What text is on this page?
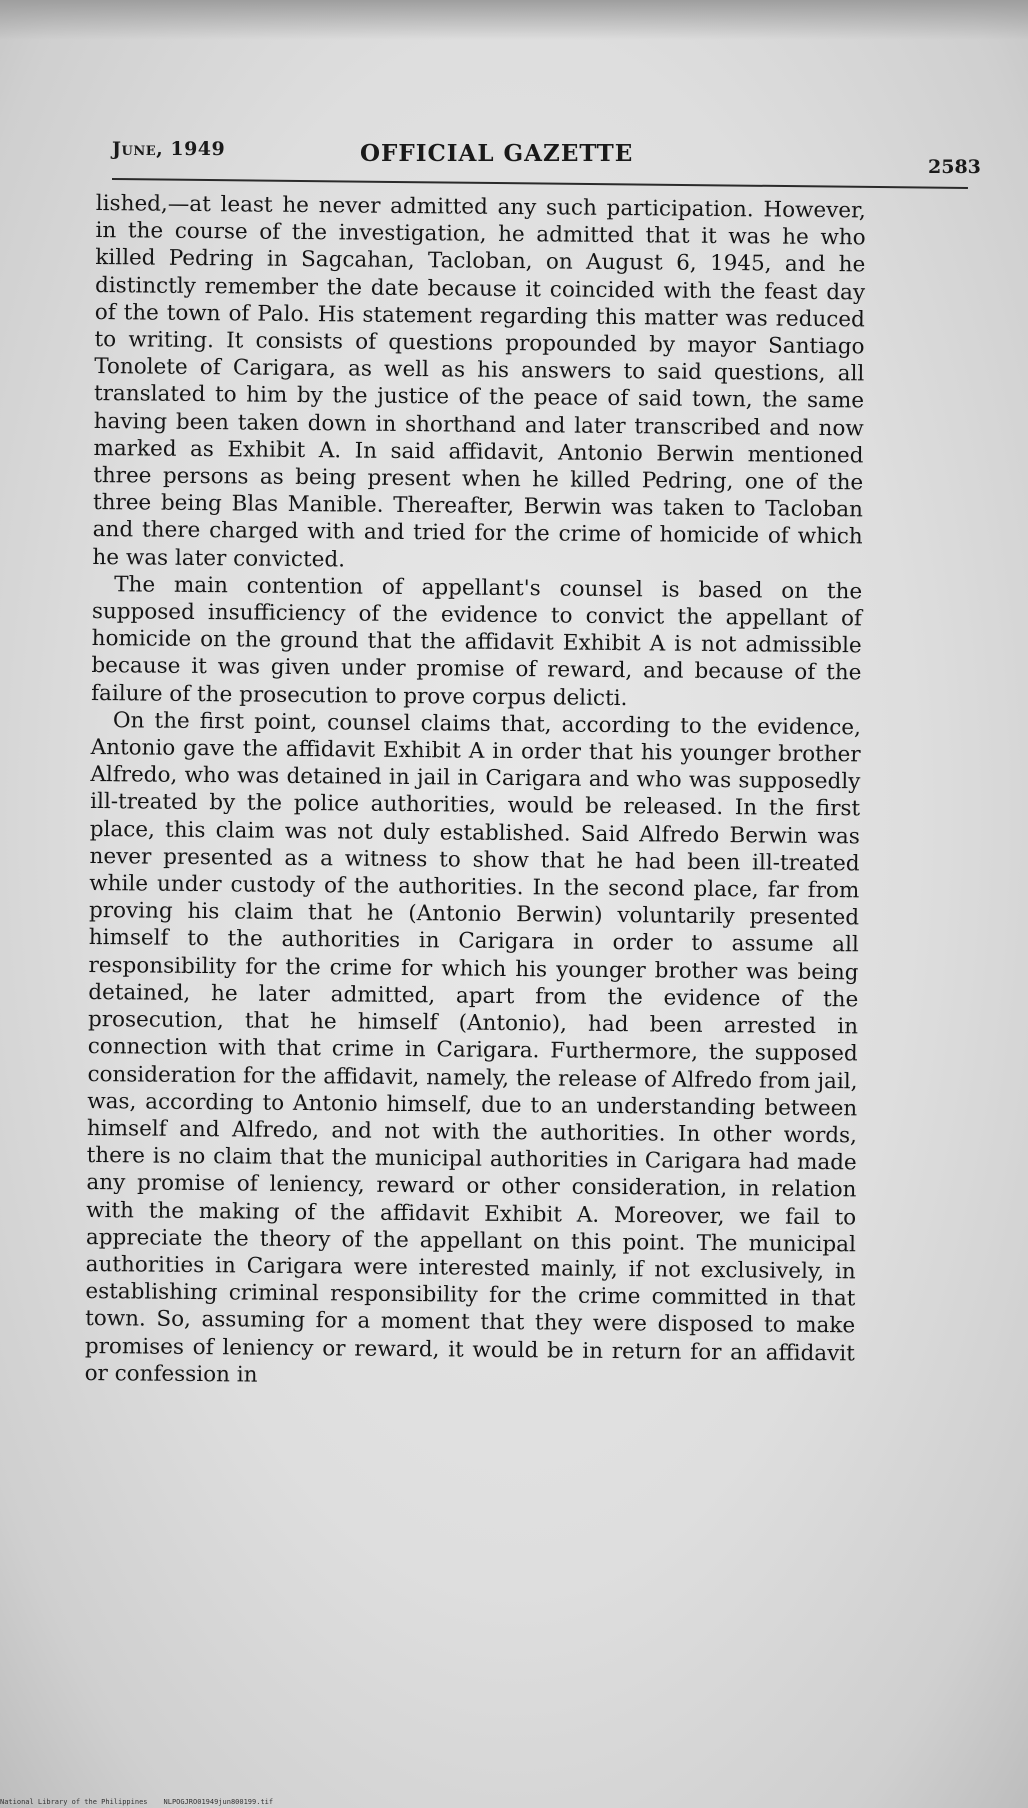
June, 1949	OFFICIAL GAZETTE	2583

lished,—at least he never admitted any such participation. However, in the course of the investigation, he admitted that it was he who killed Pedring in Sagcahan, Tacloban, on August 6, 1945, and he distinctly remember the date because it coincided with the feast day of the town of Palo. His statement regarding this matter was reduced to writing. It consists of questions propounded by mayor Santiago Tonolete of Carigara, as well as his answers to said questions, all translated to him by the justice of the peace of said town, the same having been taken down in shorthand and later transcribed and now marked as Exhibit A. In said affidavit, Antonio Berwin mentioned three persons as being present when he killed Pedring, one of the three being Blas Manible. Thereafter, Berwin was taken to Tacloban and there charged with and tried for the crime of homicide of which he was later convicted.

The main contention of appellant's counsel is based on the supposed insufficiency of the evidence to convict the appellant of homicide on the ground that the affidavit Exhibit A is not admissible because it was given under promise of reward, and because of the failure of the prosecution to prove corpus delicti.

On the first point, counsel claims that, according to the evidence, Antonio gave the affidavit Exhibit A in order that his younger brother Alfredo, who was detained in jail in Carigara and who was supposedly ill-treated by the police authorities, would be released. In the first place, this claim was not duly established. Said Alfredo Berwin was never presented as a witness to show that he had been ill-treated while under custody of the authorities. In the second place, far from proving his claim that he (Antonio Berwin) voluntarily presented himself to the authorities in Carigara in order to assume all responsibility for the crime for which his younger brother was being detained, he later admitted, apart from the evidence of the prosecution, that he himself (Antonio), had been arrested in connection with that crime in Carigara. Furthermore, the supposed consideration for the affidavit, namely, the release of Alfredo from jail, was, according to Antonio himself, due to an understanding between himself and Alfredo, and not with the authorities. In other words, there is no claim that the municipal authorities in Carigara had made any promise of leniency, reward or other consideration, in relation with the making of the affidavit Exhibit A. Moreover, we fail to appreciate the theory of the appellant on this point. The municipal authorities in Carigara were interested mainly, if not exclusively, in establishing criminal responsibility for the crime committed in that town. So, assuming for a moment that they were disposed to make promises of leniency or reward, it would be in return for an affidavit or confession in

National Library of the Philippines NLPOGJRO01949jun800199.tif
